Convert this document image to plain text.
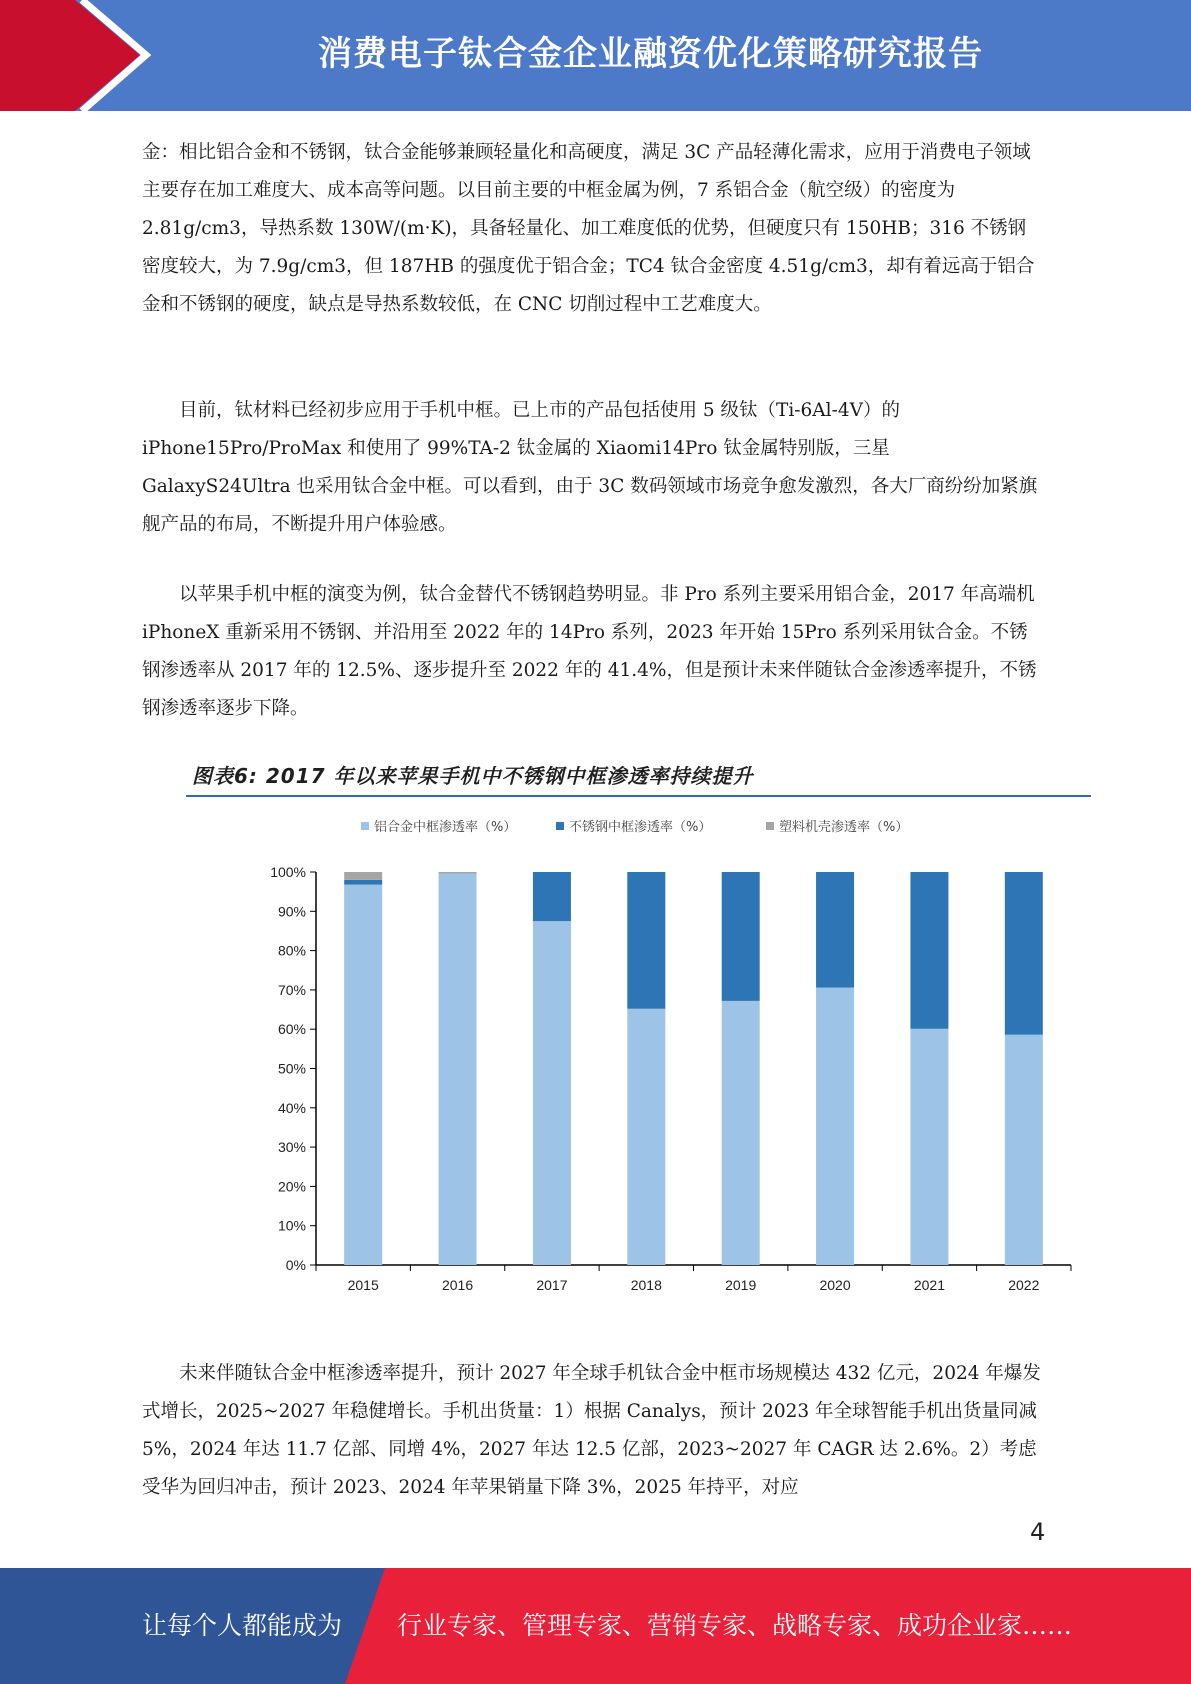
消费电子钛合金企业融资优化策略研究报告

金：相比铝合金和不锈钢，钛合金能够兼顾轻量化和高硬度，满足 3C 产品轻薄化需求，应用于消费电子领域主要存在加工难度大、成本高等问题。以目前主要的中框金属为例，7 系铝合金（航空级）的密度为 2.81g/cm3，导热系数 130W/(m·K)，具备轻量化、加工难度低的优势，但硬度只有 150HB；316 不锈钢密度较大，为 7.9g/cm3，但 187HB 的强度优于铝合金；TC4 钛合金密度 4.51g/cm3，却有着远高于铝合金和不锈钢的硬度，缺点是导热系数较低，在 CNC 切削过程中工艺难度大。

目前，钛材料已经初步应用于手机中框。已上市的产品包括使用 5 级钛（Ti-6Al-4V）的 iPhone15Pro/ProMax 和使用了 99%TA-2 钛金属的 Xiaomi14Pro 钛金属特别版，三星 GalaxyS24Ultra 也采用钛合金中框。可以看到，由于 3C 数码领域市场竞争愈发激烈，各大厂商纷纷加紧旗舰产品的布局，不断提升用户体验感。

以苹果手机中框的演变为例，钛合金替代不锈钢趋势明显。非 Pro 系列主要采用铝合金，2017 年高端机 iPhoneX 重新采用不锈钢、并沿用至 2022 年的 14Pro 系列，2023 年开始 15Pro 系列采用钛合金。不锈钢渗透率从 2017 年的 12.5%、逐步提升至 2022 年的 41.4%，但是预计未来伴随钛合金渗透率提升，不锈钢渗透率逐步下降。

图表6: 2017 年以来苹果手机中不锈钢中框渗透率持续提升
铝合金中框渗透率（%）	不锈钢中框渗透率（%）	塑料机壳渗透率（%）
0%
10%
20%
30%
40%
50%
60%
70%
80%
90%
100%
2015	2016	2017	2018	2019	2020	2021	2022

未来伴随钛合金中框渗透率提升，预计 2027 年全球手机钛合金中框市场规模达 432 亿元，2024 年爆发式增长，2025~2027 年稳健增长。手机出货量：1）根据 Canalys，预计 2023 年全球智能手机出货量同减 5%，2024 年达 11.7 亿部、同增 4%，2027 年达 12.5 亿部，2023~2027 年 CAGR 达 2.6%。2）考虑受华为回归冲击，预计 2023、2024 年苹果销量下降 3%，2025 年持平，对应

4
让每个人都能成为 行业专家、管理专家、营销专家、战略专家、成功企业家……
